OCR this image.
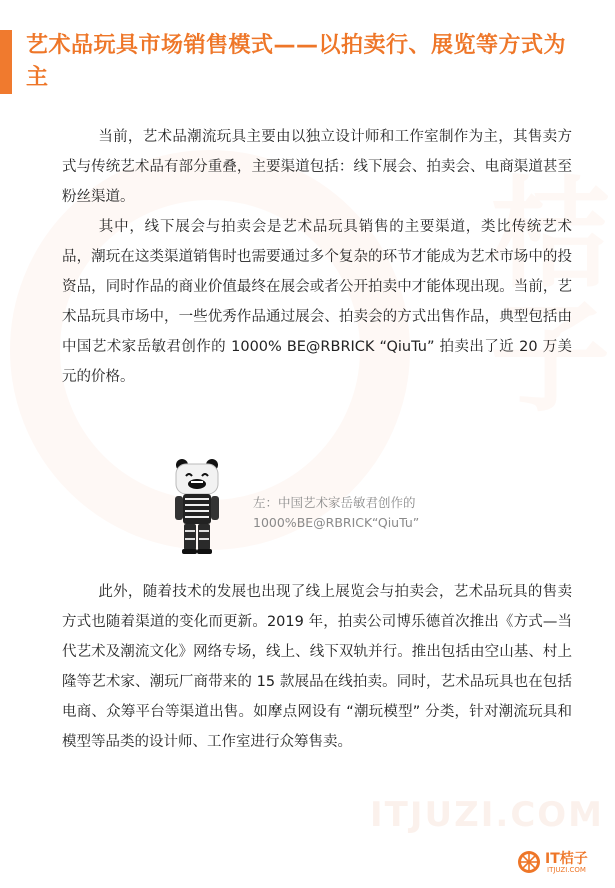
桔子
艺术品玩具市场销售模式——以拍卖行、展览等方式为主

当前，艺术品潮流玩具主要由以独立设计师和工作室制作为主，其售卖方式与传统艺术品有部分重叠，主要渠道包括：线下展会、拍卖会、电商渠道甚至粉丝渠道。

其中，线下展会与拍卖会是艺术品玩具销售的主要渠道，类比传统艺术品，潮玩在这类渠道销售时也需要通过多个复杂的环节才能成为艺术市场中的投资品，同时作品的商业价值最终在展会或者公开拍卖中才能体现出现。当前，艺术品玩具市场中，一些优秀作品通过展会、拍卖会的方式出售作品，典型包括由中国艺术家岳敏君创作的 1000% BE@RBRICK “QiuTu” 拍卖出了近 20 万美元的价格。

左：中国艺术家岳敏君创作的
1000%BE@RBRICK“QiuTu”

此外，随着技术的发展也出现了线上展览会与拍卖会，艺术品玩具的售卖方式也随着渠道的变化而更新。2019 年，拍卖公司博乐德首次推出《方式—当代艺术及潮流文化》网络专场，线上、线下双轨并行。推出包括由空山基、村上隆等艺术家、潮玩厂商带来的 15 款展品在线拍卖。同时，艺术品玩具也在包括电商、众筹平台等渠道出售。如摩点网设有 “潮玩模型” 分类，针对潮流玩具和模型等品类的设计师、工作室进行众筹售卖。

ITJUZI.COM
IT桔子
ITJUZI.COM
